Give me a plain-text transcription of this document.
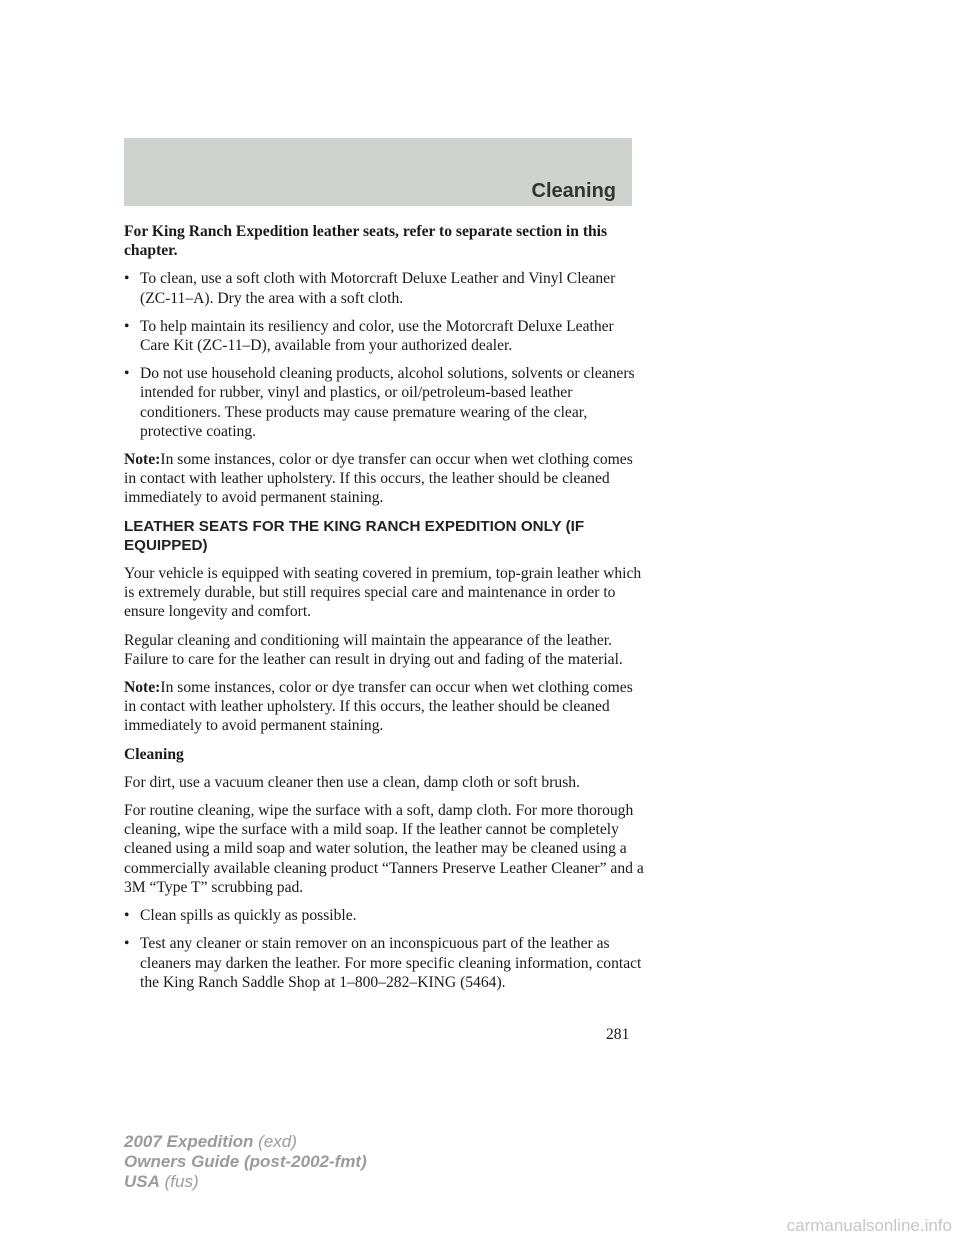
Cleaning

For King Ranch Expedition leather seats, refer to separate section in this chapter.

• To clean, use a soft cloth with Motorcraft Deluxe Leather and Vinyl Cleaner (ZC-11–A). Dry the area with a soft cloth.
• To help maintain its resiliency and color, use the Motorcraft Deluxe Leather Care Kit (ZC-11–D), available from your authorized dealer.
• Do not use household cleaning products, alcohol solutions, solvents or cleaners intended for rubber, vinyl and plastics, or oil/petroleum-based leather conditioners. These products may cause premature wearing of the clear, protective coating.

Note:In some instances, color or dye transfer can occur when wet clothing comes in contact with leather upholstery. If this occurs, the leather should be cleaned immediately to avoid permanent staining.

LEATHER SEATS FOR THE KING RANCH EXPEDITION ONLY (IF EQUIPPED)

Your vehicle is equipped with seating covered in premium, top-grain leather which is extremely durable, but still requires special care and maintenance in order to ensure longevity and comfort.

Regular cleaning and conditioning will maintain the appearance of the leather. Failure to care for the leather can result in drying out and fading of the material.

Note:In some instances, color or dye transfer can occur when wet clothing comes in contact with leather upholstery. If this occurs, the leather should be cleaned immediately to avoid permanent staining.

Cleaning

For dirt, use a vacuum cleaner then use a clean, damp cloth or soft brush.

For routine cleaning, wipe the surface with a soft, damp cloth. For more thorough cleaning, wipe the surface with a mild soap. If the leather cannot be completely cleaned using a mild soap and water solution, the leather may be cleaned using a commercially available cleaning product “Tanners Preserve Leather Cleaner” and a 3M “Type T” scrubbing pad.

• Clean spills as quickly as possible.
• Test any cleaner or stain remover on an inconspicuous part of the leather as cleaners may darken the leather. For more specific cleaning information, contact the King Ranch Saddle Shop at 1–800–282–KING (5464).
281
2007 Expedition (exd)
Owners Guide (post-2002-fmt)
USA (fus)
carmanualsonline.info
